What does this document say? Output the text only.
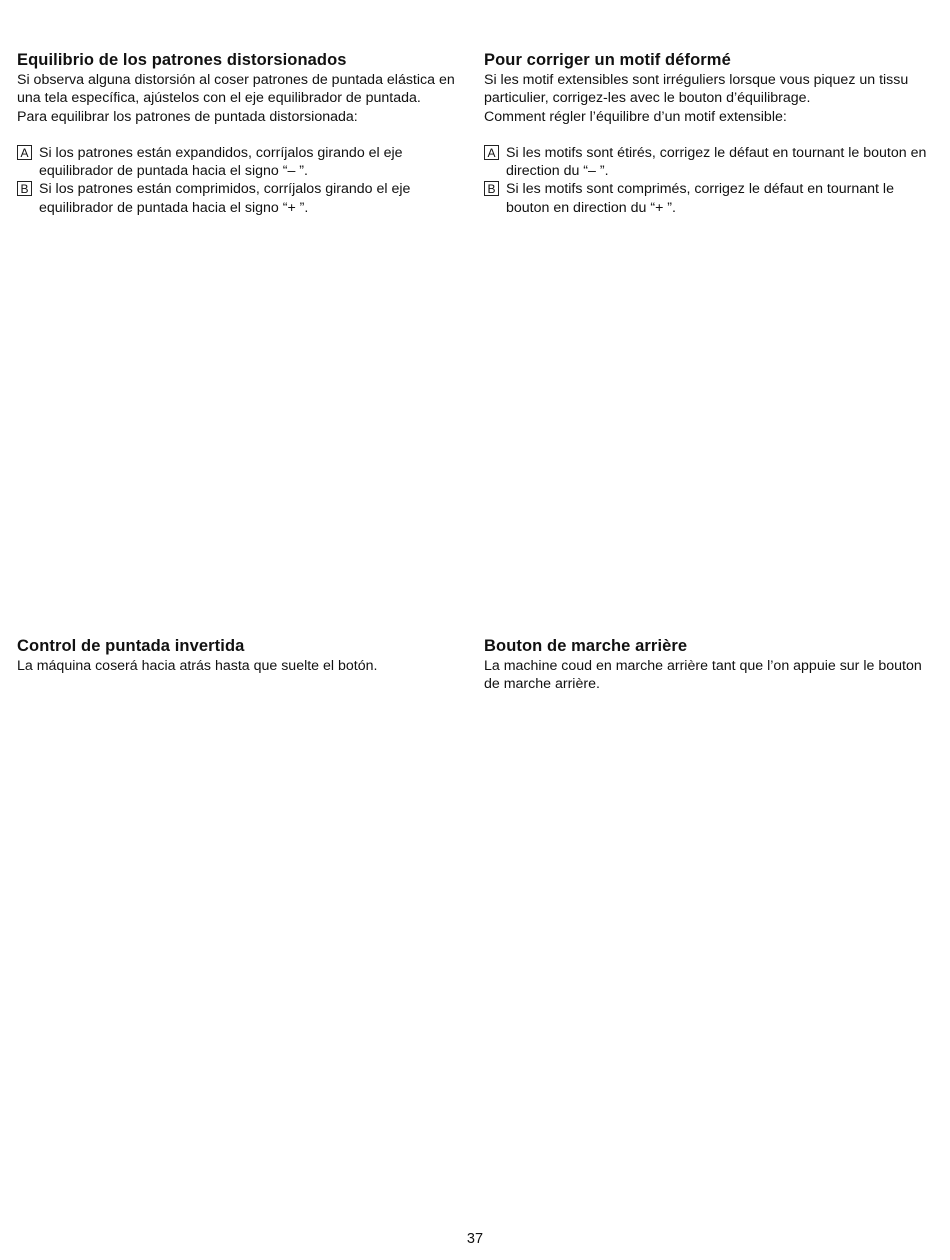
Equilibrio de los patrones distorsionados

Si observa alguna distorsión al coser patrones de puntada elástica en una tela específica, ajústelos con el eje equilibrador de puntada.

Para equilibrar los patrones de puntada distorsionada:

A Si los patrones están expandidos, corríjalos girando el eje equilibrador de puntada hacia el signo “– ”.
B Si los patrones están comprimidos, corríjalos girando el eje equilibrador de puntada hacia el signo “+ ”.
Pour corriger un motif déformé

Si les motif extensibles sont irréguliers lorsque vous piquez un tissu particulier, corrigez-les avec le bouton d’équilibrage.

Comment régler l’équilibre d’un motif extensible:

A Si les motifs sont étirés, corrigez le défaut en tournant le bouton en direction du “– ”.
B Si les motifs sont comprimés, corrigez le défaut en tournant le bouton en direction du “+ ”.
Control de puntada invertida

La máquina coserá hacia atrás hasta que suelte el botón.

Bouton de marche arrière

La machine coud en marche arrière tant que l’on appuie sur le bouton de marche arrière.

37
